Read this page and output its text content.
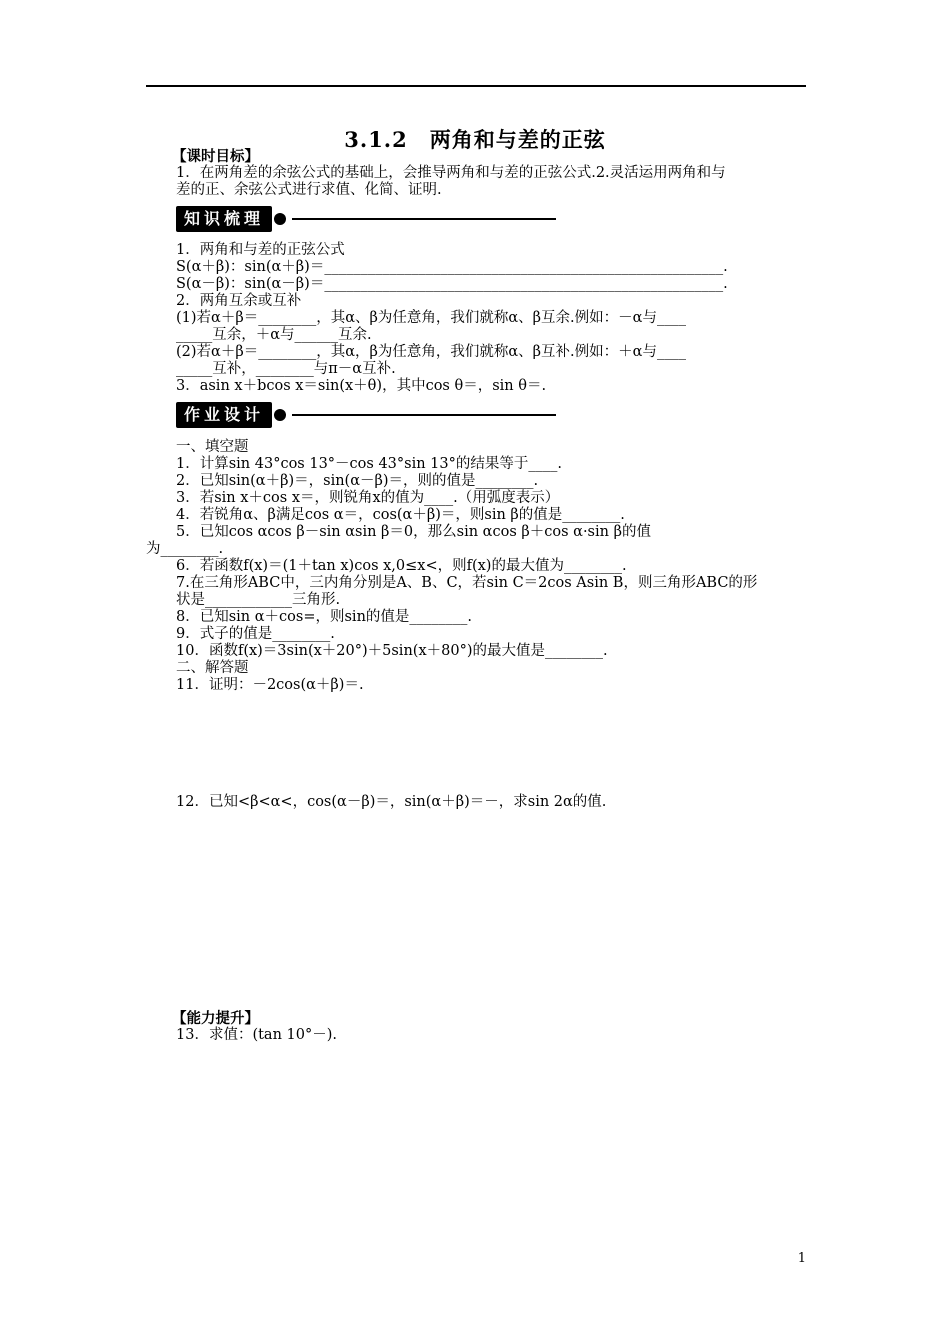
3.1.2　两角和与差的正弦
【课时目标】
1．在两角差的余弦公式的基础上，会推导两角和与差的正弦公式.2.灵活运用两角和与
差的正、余弦公式进行求值、化简、证明.
知识梳理
1．两角和与差的正弦公式
S(α＋β)：sin(α＋β)＝_______________________________________________________.
S(α－β)：sin(α－β)＝_______________________________________________________.
2．两角互余或互补
(1)若α＋β＝________，其α、β为任意角，我们就称α、β互余.例如：－α与____
_____互余，＋α与______互余.
(2)若α＋β＝________，其α，β为任意角，我们就称α、β互补.例如：＋α与____
_____互补，________与π－α互补.
3．asin x＋bcos x＝sin(x＋θ)，其中cos θ＝，sin θ＝.
作业设计
一、填空题
1．计算sin 43°cos 13°－cos 43°sin 13°的结果等于____.
2．已知sin(α＋β)＝，sin(α－β)＝，则的值是________.
3．若sin x＋cos x＝，则锐角x的值为____.（用弧度表示）
4．若锐角α、β满足cos α＝，cos(α＋β)＝，则sin β的值是________.
5．已知cos αcos β－sin αsin β＝0，那么sin αcos β＋cos α·sin β的值
为________.
6．若函数f(x)＝(1＋tan x)cos x,0≤x<，则f(x)的最大值为________.
7.在三角形ABC中，三内角分别是A、B、C，若sin C＝2cos Asin B，则三角形ABC的形
状是____________三角形.
8．已知sin α＋cos=，则sin的值是________.
9．式子的值是________.
10．函数f(x)＝3sin(x＋20°)＋5sin(x＋80°)的最大值是________.
二、解答题
11．证明：－2cos(α＋β)＝.
12．已知<β<α<，cos(α－β)＝，sin(α＋β)＝－，求sin 2α的值.
【能力提升】
13．求值：(tan 10°－).
1
